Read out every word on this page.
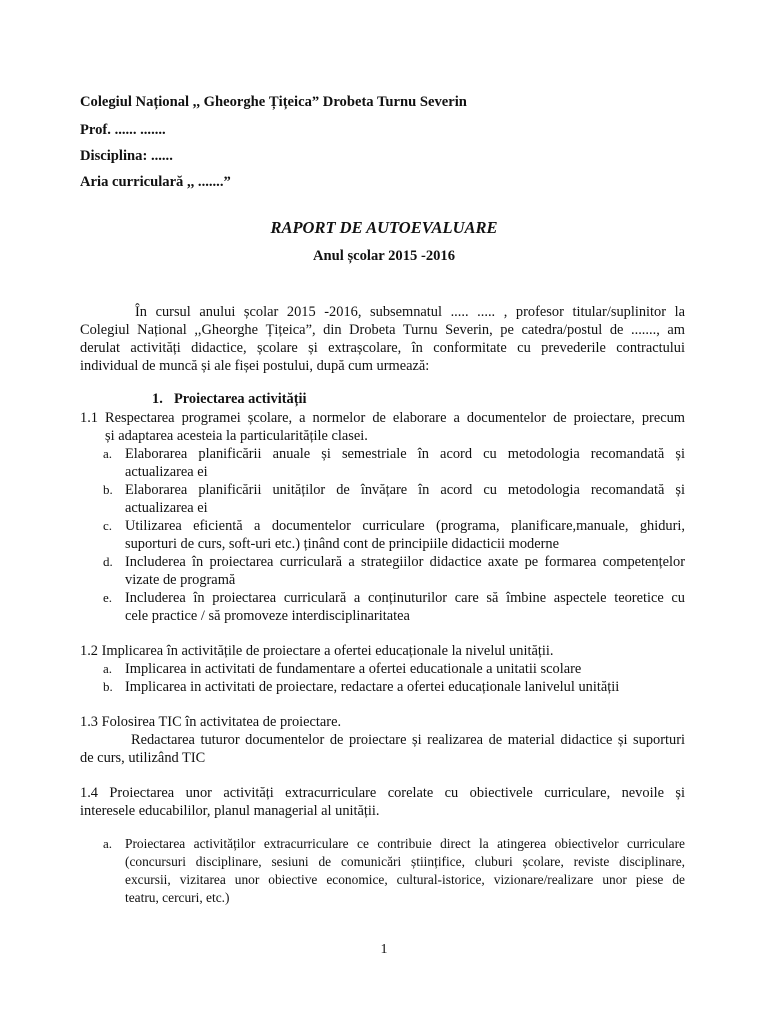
Colegiul Național ,, Gheorghe Țițeica” Drobeta Turnu Severin
Prof. ...... .......
Disciplina: ......
Aria curriculară ,, .......”
RAPORT DE AUTOEVALUARE
Anul școlar 2015 -2016
În cursul anului școlar 2015 -2016, subsemnatul ..... ..... , profesor titular/suplinitor la
Colegiul Național ,,Gheorghe Țițeica”, din Drobeta Turnu Severin, pe catedra/postul de ......., am
derulat activități didactice, școlare și extrașcolare, în conformitate cu prevederile contractului
individual de muncă și ale fișei postului, după cum urmează:
1. Proiectarea activității
1.1 Respectarea programei școlare, a normelor de elaborare a documentelor de proiectare, precum
și adaptarea acesteia la particularitățile clasei.
a. Elaborarea planificării anuale și semestriale în acord cu metodologia recomandată și
actualizarea ei
b. Elaborarea planificării unităților de învățare în acord cu metodologia recomandată și
actualizarea ei
c. Utilizarea eficientă a documentelor curriculare (programa, planificare,manuale, ghiduri,
suporturi de curs, soft-uri etc.) ținând cont de principiile didacticii moderne
d. Includerea în proiectarea curriculară a strategiilor didactice axate pe formarea competențelor
vizate de programă
e. Includerea în proiectarea curriculară a conținuturilor care să îmbine aspectele teoretice cu
cele practice / să promoveze interdisciplinaritatea
1.2 Implicarea în activitățile de proiectare a ofertei educaționale la nivelul unității.
a. Implicarea in activitati de fundamentare a ofertei educationale a unitatii scolare
b. Implicarea in activitati de proiectare, redactare a ofertei educaționale lanivelul unității
1.3 Folosirea TIC în activitatea de proiectare.
Redactarea tuturor documentelor de proiectare și realizarea de material didactice și suporturi
de curs, utilizând TIC
1.4 Proiectarea unor activități extracurriculare corelate cu obiectivele curriculare, nevoile și
interesele educabililor, planul managerial al unității.
a. Proiectarea activităților extracurriculare ce contribuie direct la atingerea obiectivelor curriculare
(concursuri disciplinare, sesiuni de comunicări științifice, cluburi școlare, reviste disciplinare,
excursii, vizitarea unor obiective economice, cultural-istorice, vizionare/realizare unor piese de
teatru, cercuri, etc.)
1
